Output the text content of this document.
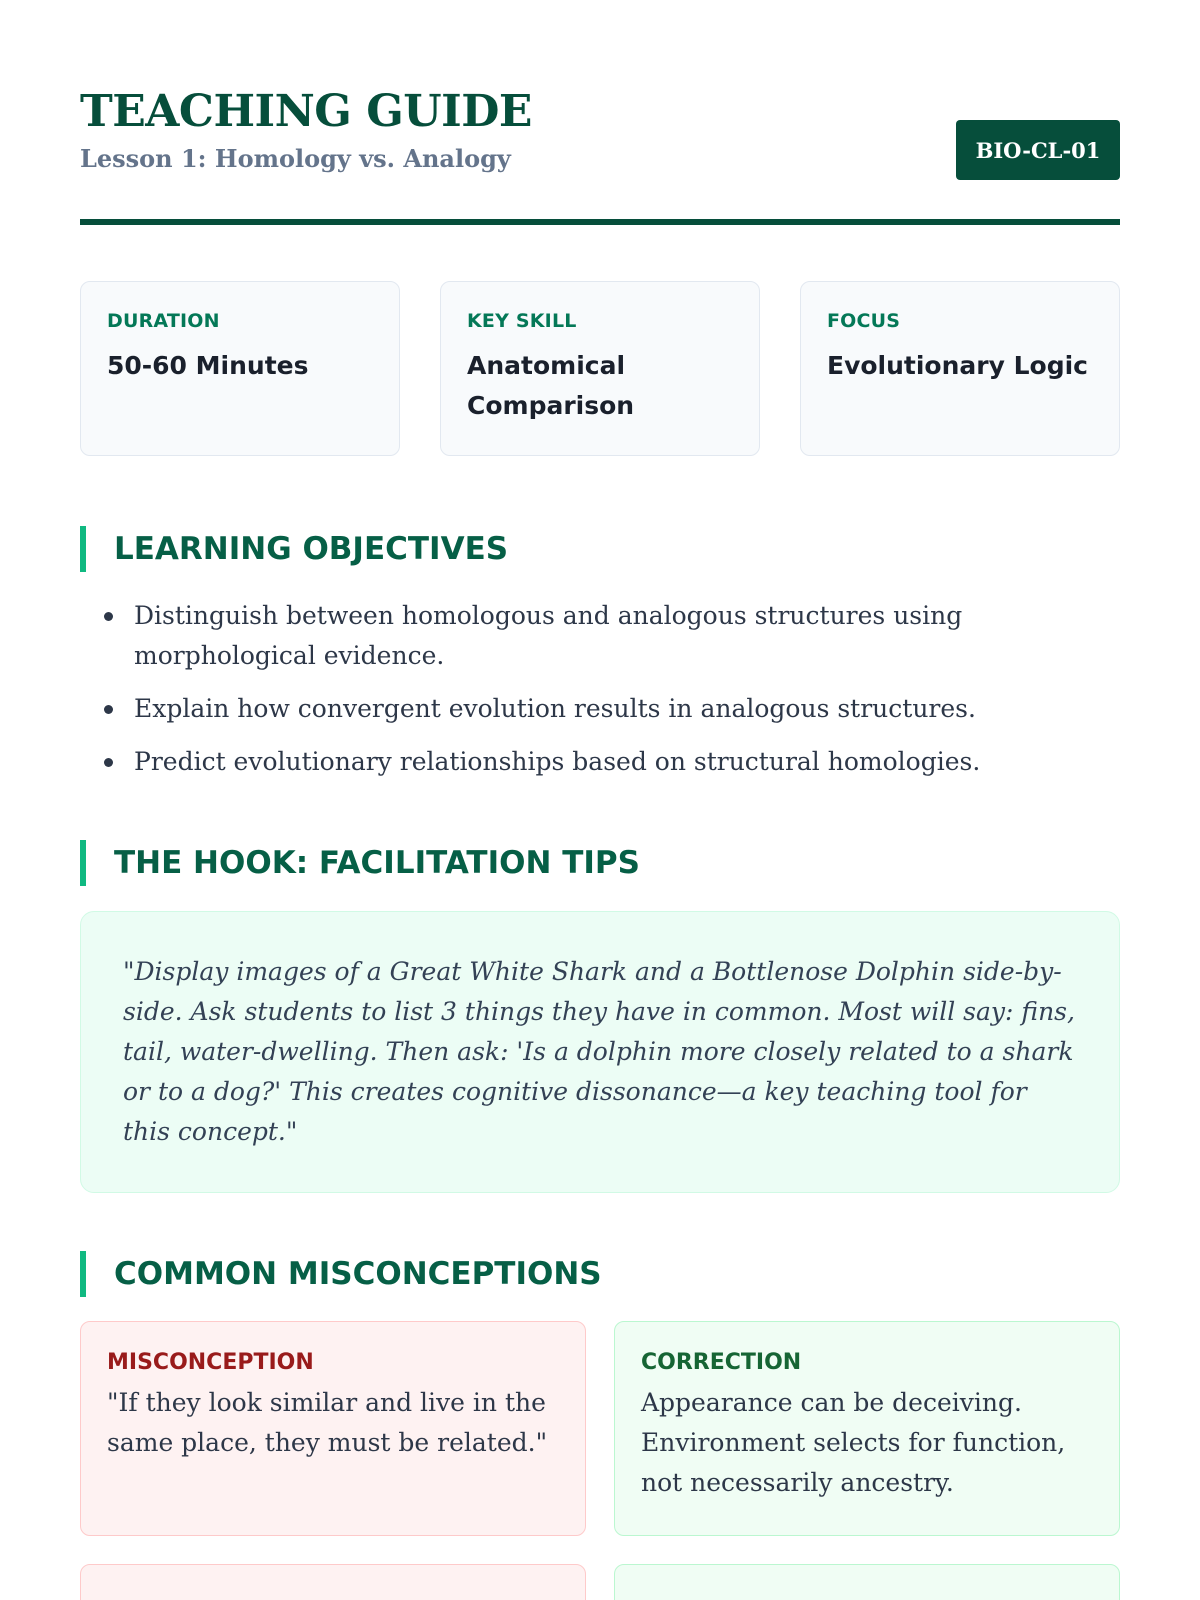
TEACHING GUIDE
Lesson 1: Homology vs. Analogy	BIO-CL-01
DURATION
50-60 Minutes
KEY SKILL
Anatomical Comparison
FOCUS
Evolutionary Logic
LEARNING OBJECTIVES
Distinguish between homologous and analogous structures using morphological evidence.
Explain how convergent evolution results in analogous structures.
Predict evolutionary relationships based on structural homologies.
THE HOOK: FACILITATION TIPS

"Display images of a Great White Shark and a Bottlenose Dolphin side-by-side. Ask students to list 3 things they have in common. Most will say: fins, tail, water-dwelling. Then ask: 'Is a dolphin more closely related to a shark or to a dog?' This creates cognitive dissonance—a key teaching tool for this concept."

COMMON MISCONCEPTIONS
MISCONCEPTION
"If they look similar and live in the same place, they must be related."
CORRECTION
Appearance can be deceiving. Environment selects for function, not necessarily ancestry.
